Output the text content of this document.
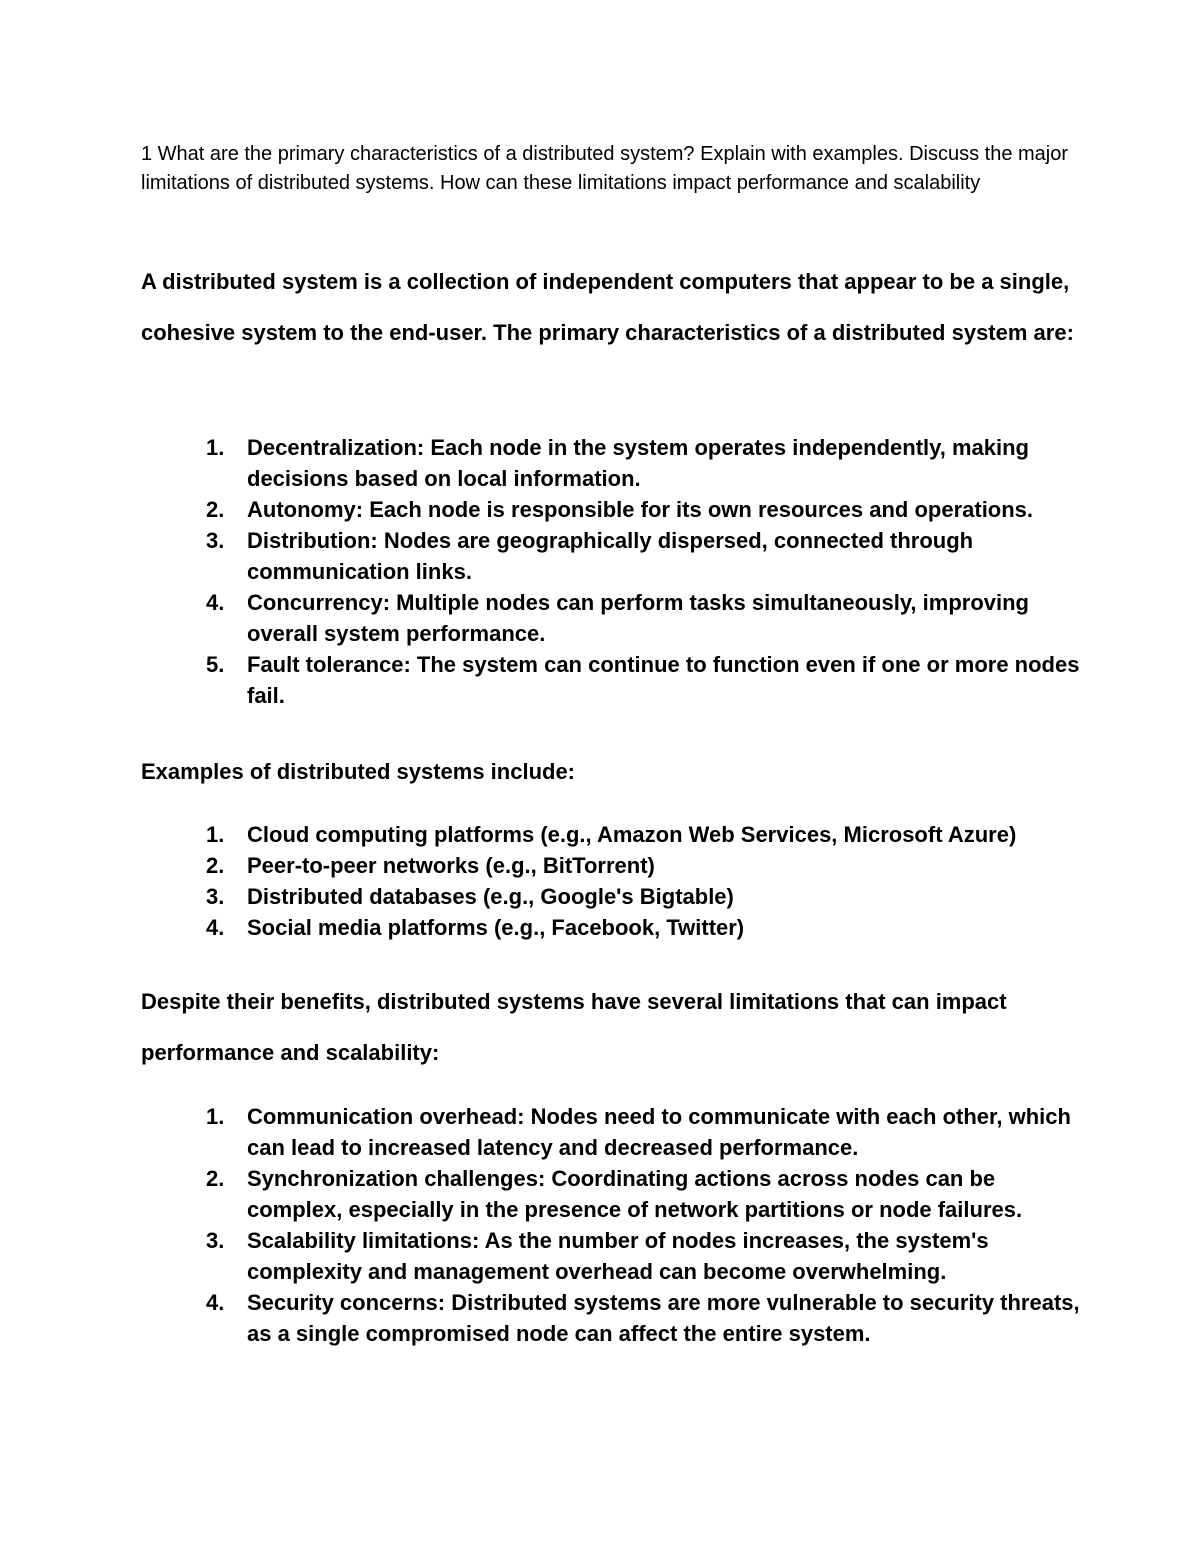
1 What are the primary characteristics of a distributed system? Explain with examples. Discuss the major limitations of distributed systems. How can these limitations impact performance and scalability

A distributed system is a collection of independent computers that appear to be a single, cohesive system to the end-user. The primary characteristics of a distributed system are:

1. Decentralization: Each node in the system operates independently, making decisions based on local information.
2. Autonomy: Each node is responsible for its own resources and operations.
3. Distribution: Nodes are geographically dispersed, connected through communication links.
4. Concurrency: Multiple nodes can perform tasks simultaneously, improving overall system performance.
5. Fault tolerance: The system can continue to function even if one or more nodes fail.

Examples of distributed systems include:

1. Cloud computing platforms (e.g., Amazon Web Services, Microsoft Azure)
2. Peer-to-peer networks (e.g., BitTorrent)
3. Distributed databases (e.g., Google's Bigtable)
4. Social media platforms (e.g., Facebook, Twitter)

Despite their benefits, distributed systems have several limitations that can impact performance and scalability:

1. Communication overhead: Nodes need to communicate with each other, which can lead to increased latency and decreased performance.
2. Synchronization challenges: Coordinating actions across nodes can be complex, especially in the presence of network partitions or node failures.
3. Scalability limitations: As the number of nodes increases, the system's complexity and management overhead can become overwhelming.
4. Security concerns: Distributed systems are more vulnerable to security threats, as a single compromised node can affect the entire system.
